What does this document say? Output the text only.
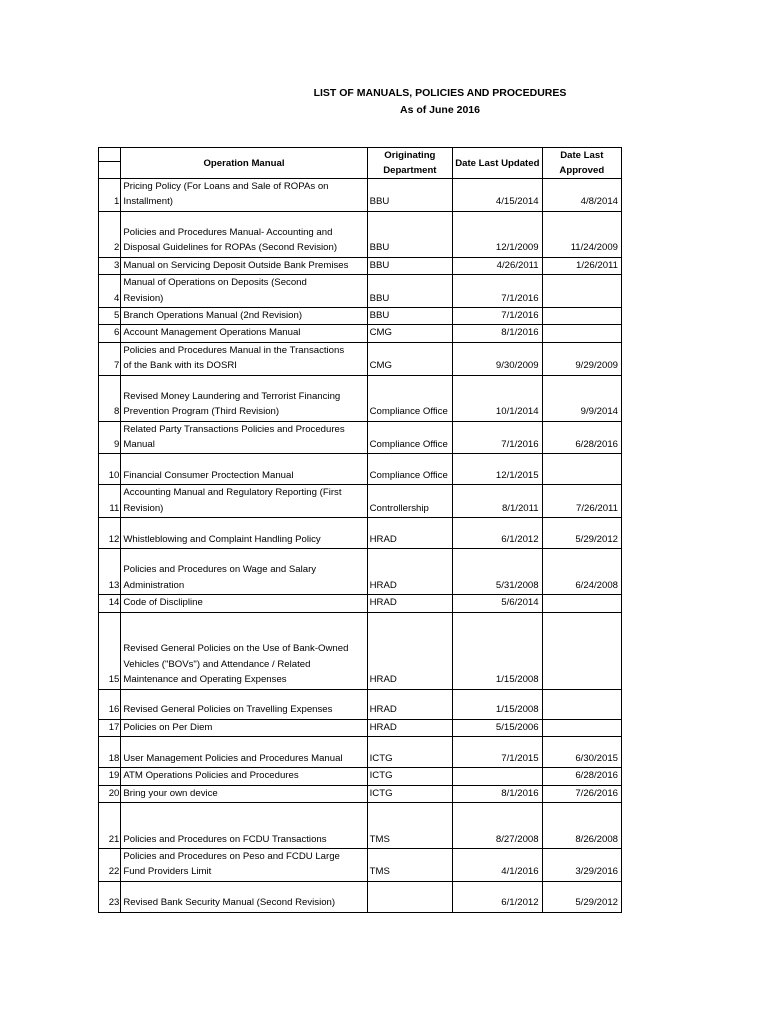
LIST OF MANUALS, POLICIES AND PROCEDURES
As of June 2016
	Operation Manual	Originating Department	Date Last Updated	Date Last Approved

1	Pricing Policy (For Loans and Sale of ROPAs on
Installment)	BBU	4/15/2014	4/8/2014
2	Policies and Procedures Manual- Accounting and
Disposal Guidelines for ROPAs (Second Revision)	BBU	12/1/2009	11/24/2009
3	Manual on Servicing Deposit Outside Bank Premises	BBU	4/26/2011	1/26/2011
4	Manual of Operations on Deposits (Second
Revision)	BBU	7/1/2016	
5	Branch Operations Manual (2nd Revision)	BBU	7/1/2016	
6	Account Management Operations Manual	CMG	8/1/2016	
7	Policies and Procedures Manual in the Transactions
of the Bank with its DOSRI	CMG	9/30/2009	9/29/2009
8	Revised Money Laundering and Terrorist Financing
Prevention Program (Third Revision)	Compliance Office	10/1/2014	9/9/2014
9	Related Party Transactions Policies and Procedures
Manual	Compliance Office	7/1/2016	6/28/2016
10	Financial Consumer Proctection Manual	Compliance Office	12/1/2015	
11	Accounting Manual and Regulatory Reporting (First
Revision)	Controllership	8/1/2011	7/26/2011
12	Whistleblowing and Complaint Handling Policy	HRAD	6/1/2012	5/29/2012
13	Policies and Procedures on Wage and Salary
Administration	HRAD	5/31/2008	6/24/2008
14	Code of Disclipline	HRAD	5/6/2014	
15	Revised General Policies on the Use of Bank-Owned
Vehicles ("BOVs") and Attendance / Related
Maintenance and Operating Expenses	HRAD	1/15/2008	
16	Revised General Policies on Travelling Expenses	HRAD	1/15/2008	
17	Policies on Per Diem	HRAD	5/15/2006	
18	User Management Policies and Procedures Manual	ICTG	7/1/2015	6/30/2015
19	ATM Operations Policies and Procedures	ICTG		6/28/2016
20	Bring your own device	ICTG	8/1/2016	7/26/2016
21	Policies and Procedures on FCDU Transactions	TMS	8/27/2008	8/26/2008
22	Policies and Procedures on Peso and FCDU Large
Fund Providers Limit	TMS	4/1/2016	3/29/2016
23	Revised Bank Security Manual (Second Revision)		6/1/2012	5/29/2012
